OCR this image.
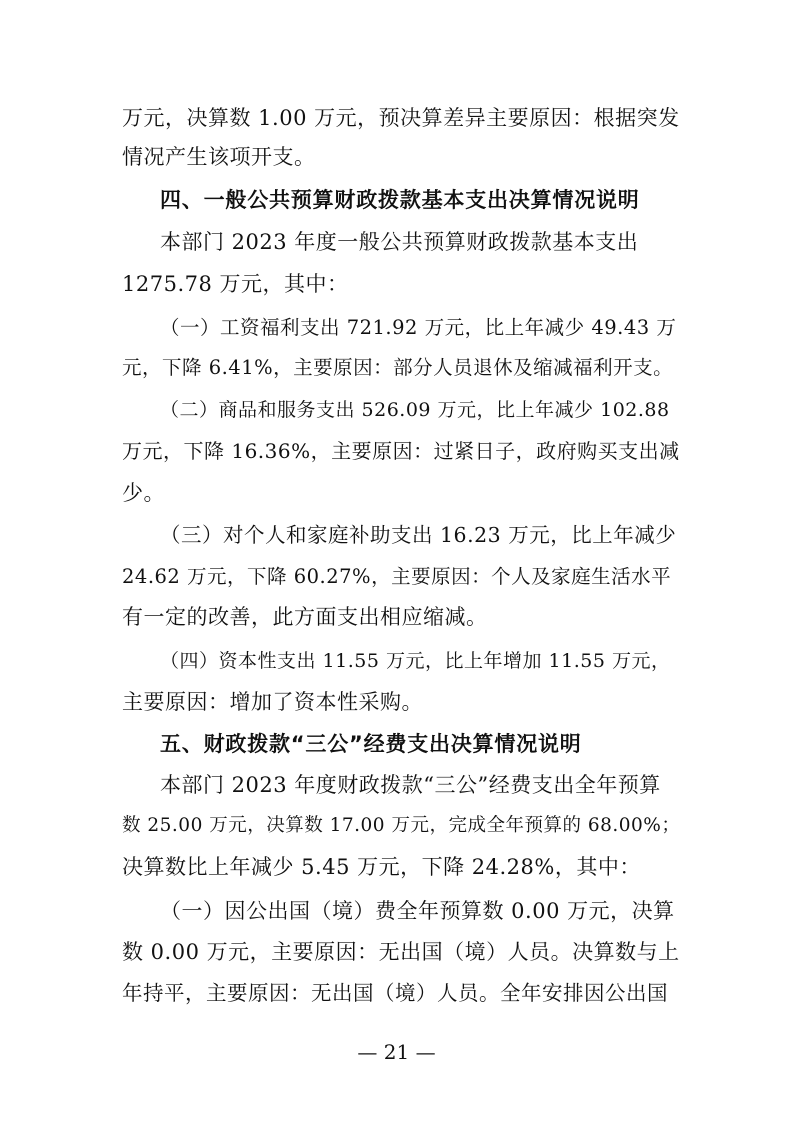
万元，决算数 1.00 万元，预决算差异主要原因：根据突发
情况产生该项开支。
四、一般公共预算财政拨款基本支出决算情况说明
本部门 2023 年度一般公共预算财政拨款基本支出
1275.78 万元，其中：
（一）工资福利支出 721.92 万元，比上年减少 49.43 万
元，下降 6.41%，主要原因：部分人员退休及缩减福利开支。
（二）商品和服务支出 526.09 万元，比上年减少 102.88
万元，下降 16.36%，主要原因：过紧日子，政府购买支出减
少。
（三）对个人和家庭补助支出 16.23 万元，比上年减少
24.62 万元，下降 60.27%，主要原因：个人及家庭生活水平
有一定的改善，此方面支出相应缩减。
（四）资本性支出 11.55 万元，比上年增加 11.55 万元，
主要原因：增加了资本性采购。
五、财政拨款“三公”经费支出决算情况说明
本部门 2023 年度财政拨款“三公”经费支出全年预算
数 25.00 万元，决算数 17.00 万元，完成全年预算的 68.00%；
决算数比上年减少 5.45 万元，下降 24.28%，其中：
（一）因公出国（境）费全年预算数 0.00 万元，决算
数 0.00 万元，主要原因：无出国（境）人员。决算数与上
年持平，主要原因：无出国（境）人员。全年安排因公出国
— 21 —
